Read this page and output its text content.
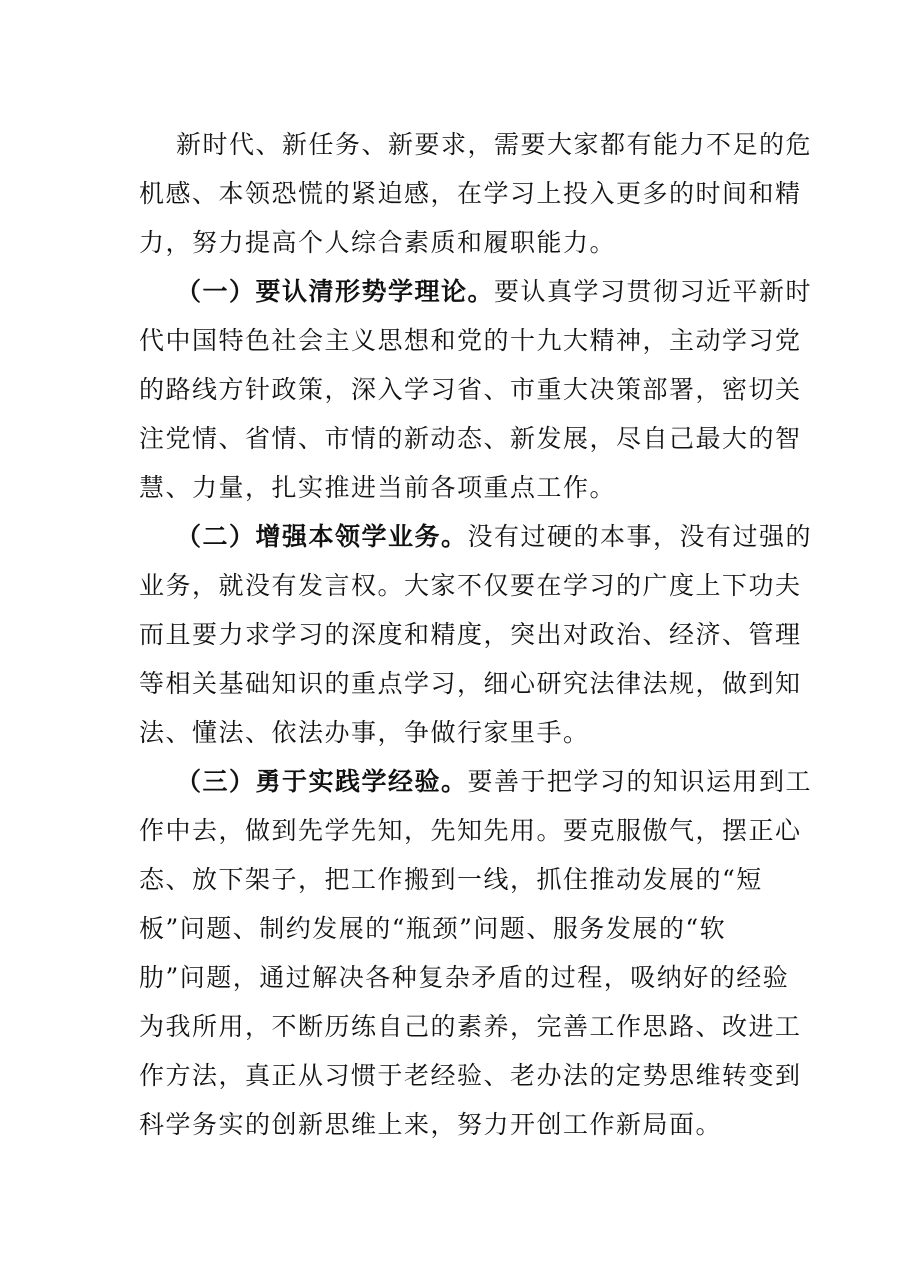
新时代、新任务、新要求，需要大家都有能力不足的危
机感、本领恐慌的紧迫感，在学习上投入更多的时间和精
力，努力提高个人综合素质和履职能力。
（一）要认清形势学理论。要认真学习贯彻习近平新时
代中国特色社会主义思想和党的十九大精神，主动学习党
的路线方针政策，深入学习省、市重大决策部署，密切关
注党情、省情、市情的新动态、新发展，尽自己最大的智
慧、力量，扎实推进当前各项重点工作。
（二）增强本领学业务。没有过硬的本事，没有过强的
业务，就没有发言权。大家不仅要在学习的广度上下功夫
而且要力求学习的深度和精度，突出对政治、经济、管理
等相关基础知识的重点学习，细心研究法律法规，做到知
法、懂法、依法办事，争做行家里手。
（三）勇于实践学经验。要善于把学习的知识运用到工
作中去，做到先学先知，先知先用。要克服傲气，摆正心
态、放下架子，把工作搬到一线，抓住推动发展的“短
板”问题、制约发展的“瓶颈”问题、服务发展的“软
肋”问题，通过解决各种复杂矛盾的过程，吸纳好的经验
为我所用，不断历练自己的素养，完善工作思路、改进工
作方法，真正从习惯于老经验、老办法的定势思维转变到
科学务实的创新思维上来，努力开创工作新局面。
